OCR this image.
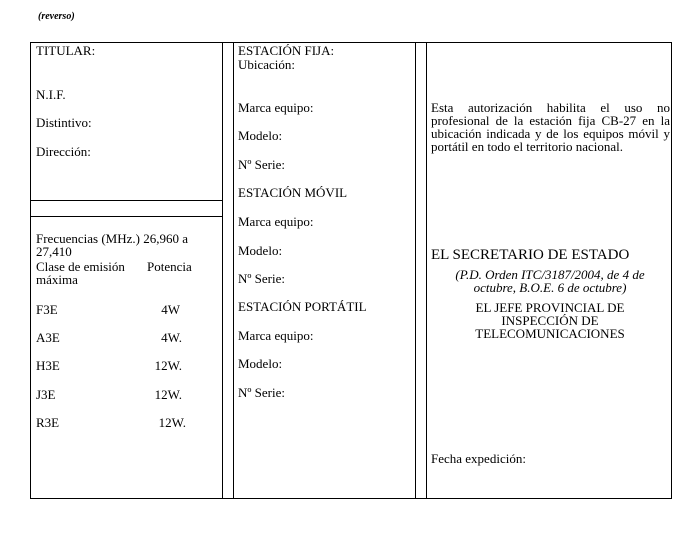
(reverso)
TITULAR:
N.I.F.
Distintivo:
Dirección:
Frecuencias (MHz.) 26,960 a 27,410
Clase de emisión	Potencia máxima
F3E	4W
A3E	4W.
H3E	12W.
J3E	12W.
R3E	12W.
ESTACIÓN FIJA:
Ubicación:
Marca equipo:
Modelo:
Nº Serie:
ESTACIÓN MÓVIL
Marca equipo:
Modelo:
Nº Serie:
ESTACIÓN PORTÁTIL
Marca equipo:
Modelo:
Nº Serie:
Esta autorización habilita el uso no profesional de la estación fija CB-27 en la ubicación indicada y de los equipos móvil y portátil en todo el territorio nacional.
EL SECRETARIO DE ESTADO
(P.D. Orden ITC/3187/2004, de 4 de octubre, B.O.E. 6 de octubre)
EL JEFE PROVINCIAL DE INSPECCIÓN DE TELECOMUNICACIONES
Fecha expedición:
